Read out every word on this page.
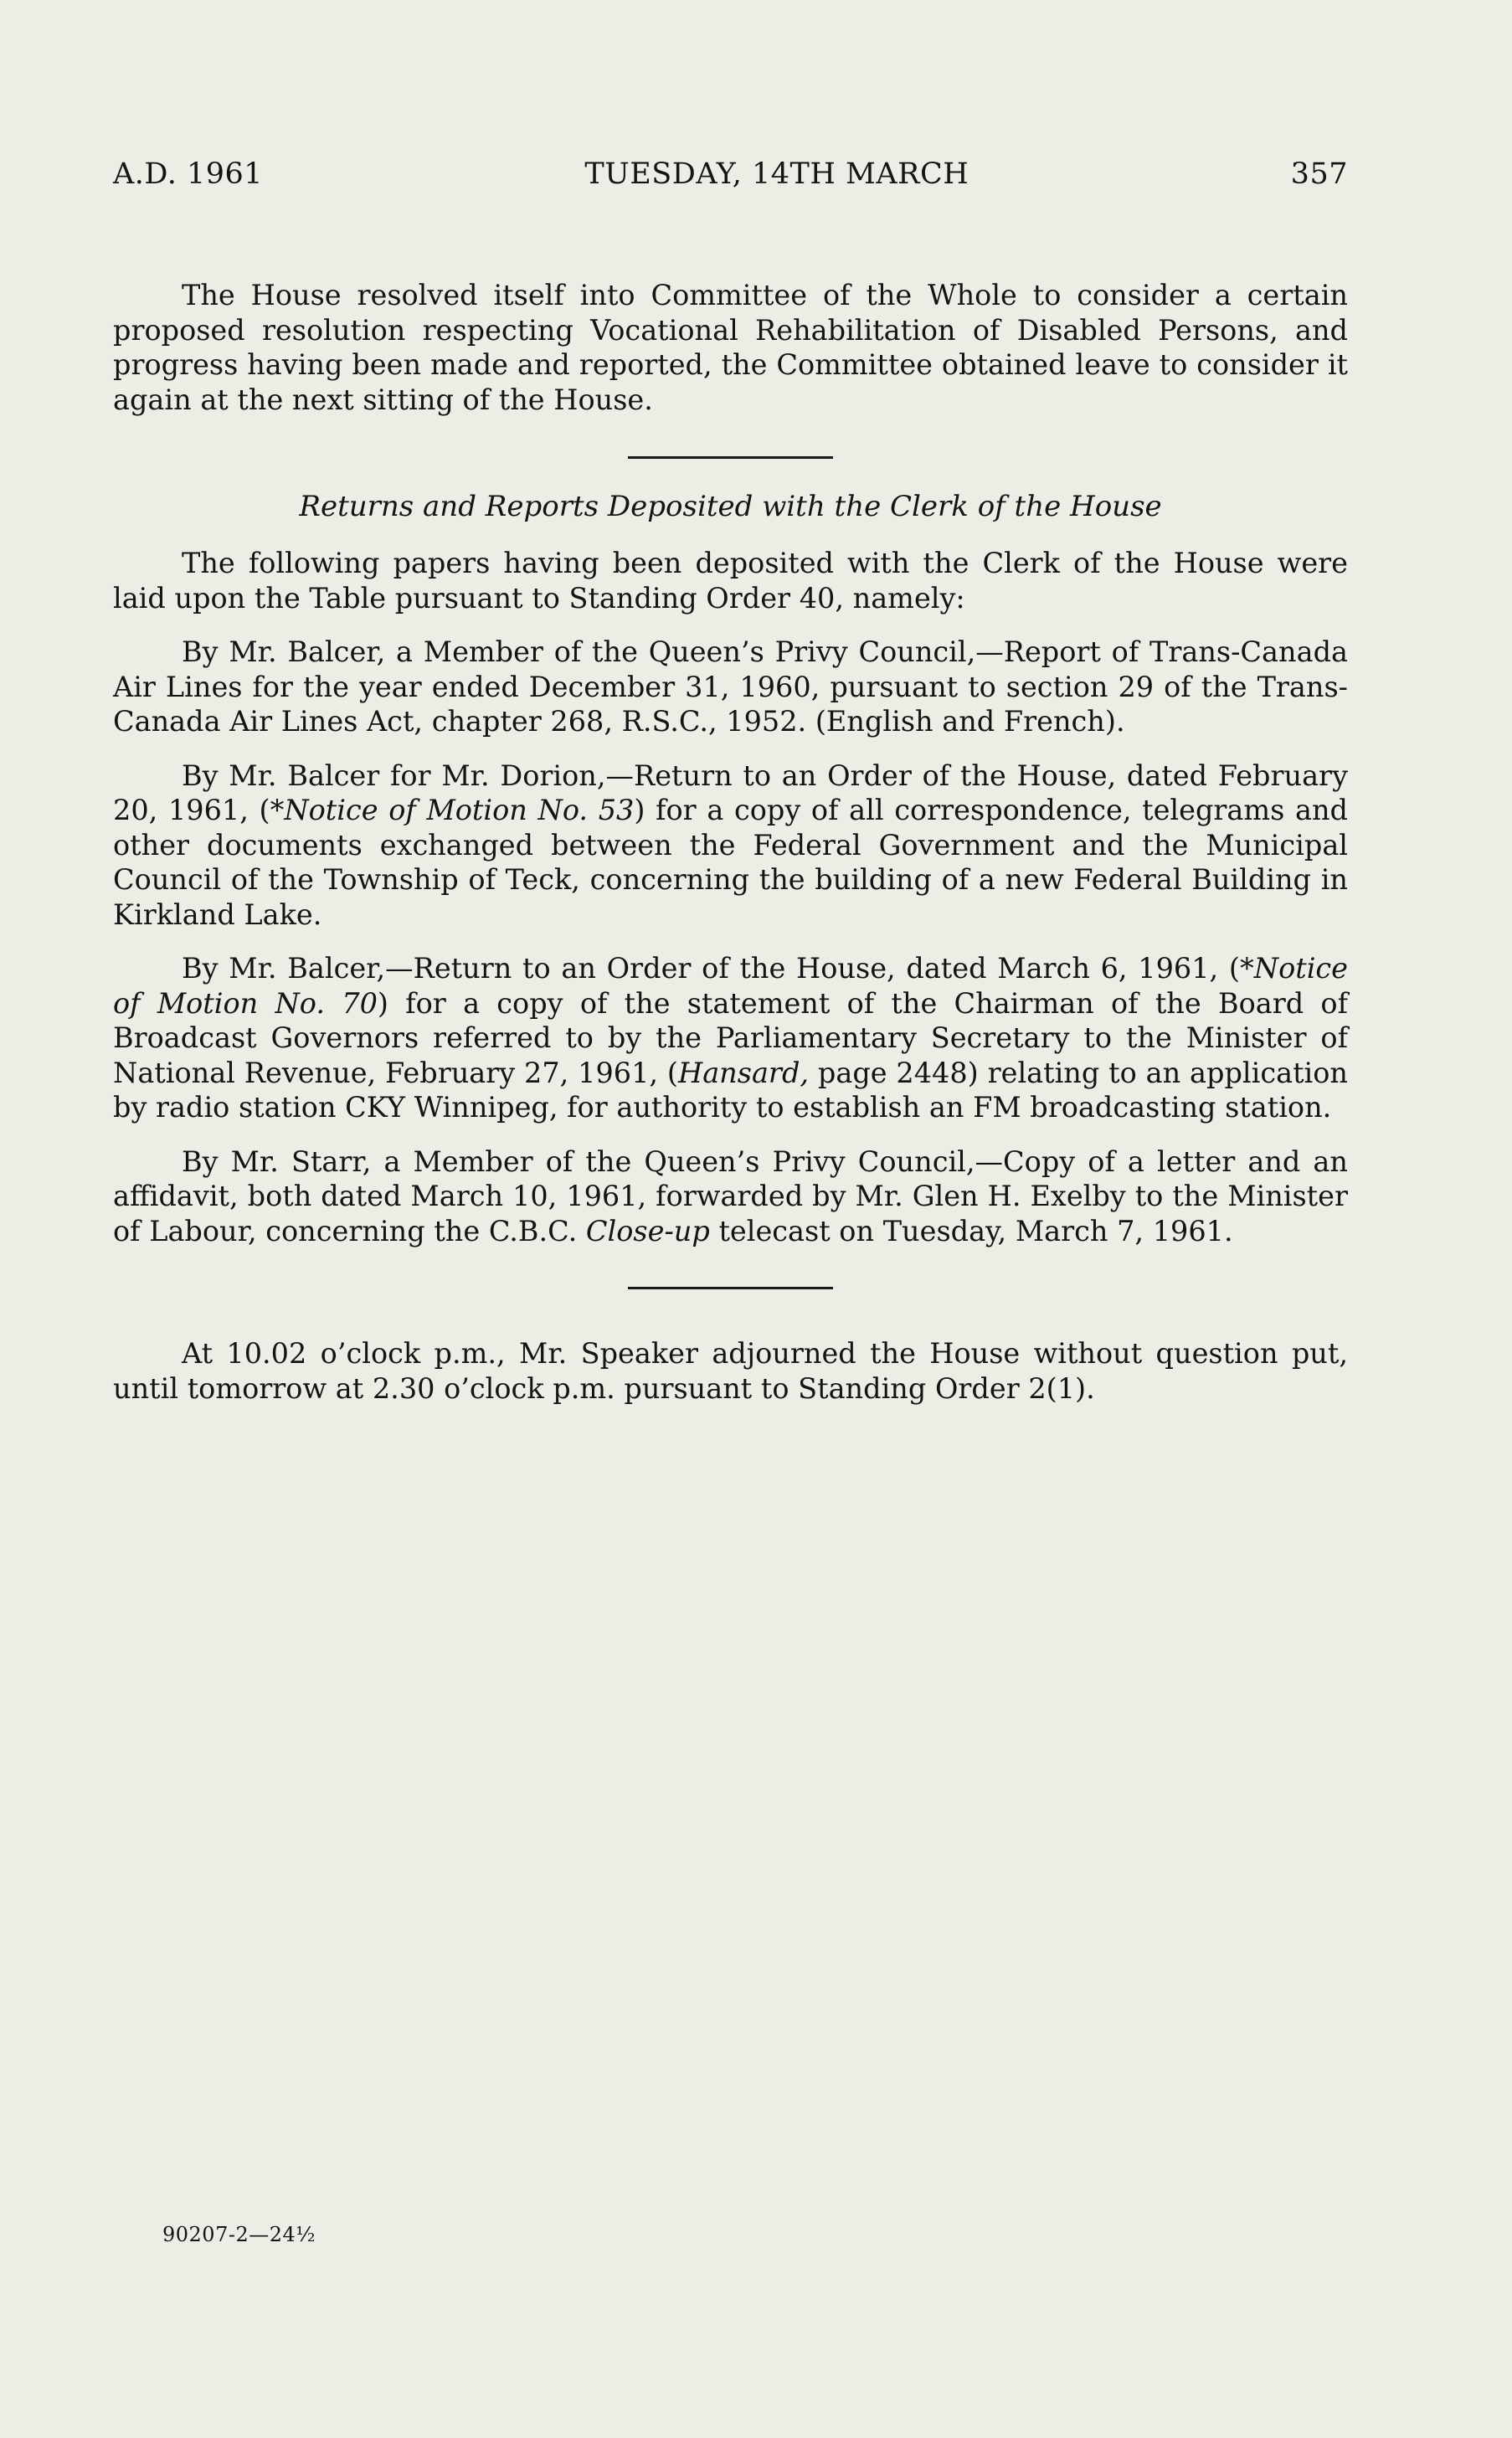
A.D. 1961	TUESDAY, 14TH MARCH	357

The House resolved itself into Committee of the Whole to consider a certain proposed resolution respecting Vocational Rehabilitation of Disabled Persons, and progress having been made and reported, the Committee obtained leave to consider it again at the next sitting of the House.

Returns and Reports Deposited with the Clerk of the House

The following papers having been deposited with the Clerk of the House were laid upon the Table pursuant to Standing Order 40, namely:

By Mr. Balcer, a Member of the Queen’s Privy Council,—Report of Trans-Canada Air Lines for the year ended December 31, 1960, pursuant to section 29 of the Trans-Canada Air Lines Act, chapter 268, R.S.C., 1952. (English and French).

By Mr. Balcer for Mr. Dorion,—Return to an Order of the House, dated February 20, 1961, (*Notice of Motion No. 53) for a copy of all correspondence, telegrams and other documents exchanged between the Federal Government and the Municipal Council of the Township of Teck, concerning the building of a new Federal Building in Kirkland Lake.

By Mr. Balcer,—Return to an Order of the House, dated March 6, 1961, (*Notice of Motion No. 70) for a copy of the statement of the Chairman of the Board of Broadcast Governors referred to by the Parliamentary Secretary to the Minister of National Revenue, February 27, 1961, (Hansard, page 2448) relating to an application by radio station CKY Winnipeg, for authority to establish an FM broadcasting station.

By Mr. Starr, a Member of the Queen’s Privy Council,—Copy of a letter and an affidavit, both dated March 10, 1961, forwarded by Mr. Glen H. Exelby to the Minister of Labour, concerning the C.B.C. Close-up telecast on Tuesday, March 7, 1961.

At 10.02 o’clock p.m., Mr. Speaker adjourned the House without question put, until tomorrow at 2.30 o’clock p.m. pursuant to Standing Order 2(1).

90207-2—24½
